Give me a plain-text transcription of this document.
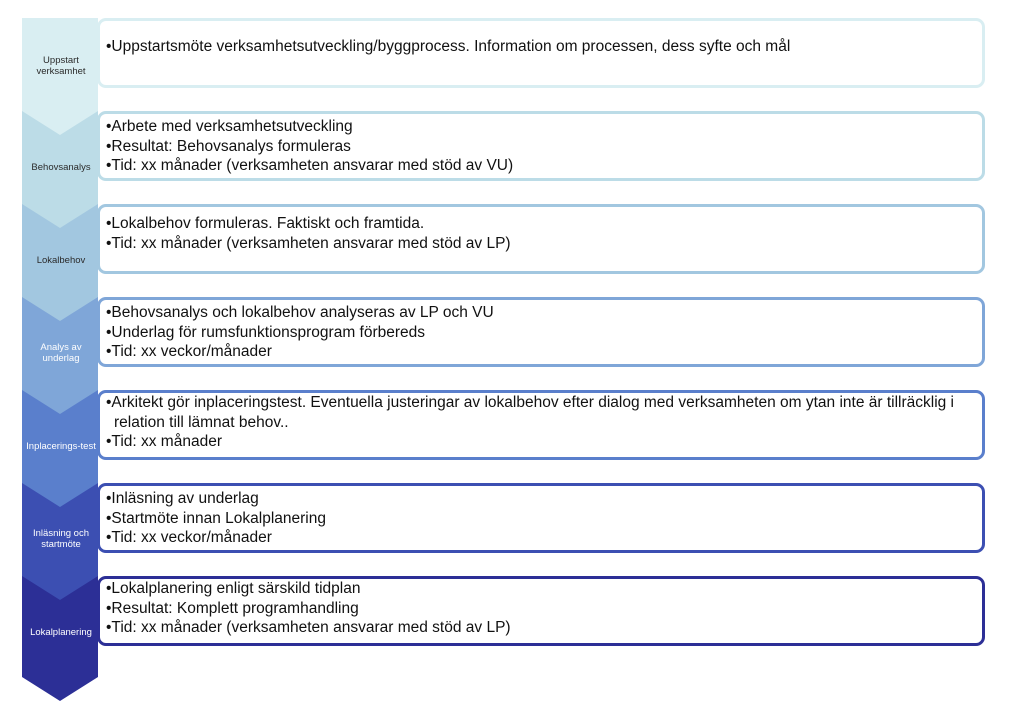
Uppstart verksamhet
•Uppstartsmöte verksamhetsutveckling/byggprocess. Information om processen, dess syfte och mål
Behovsanalys
•Arbete med verksamhetsutveckling
•Resultat: Behovsanalys formuleras
•Tid: xx månader (verksamheten ansvarar med stöd av VU)
Lokalbehov
•Lokalbehov formuleras. Faktiskt och framtida.
•Tid: xx månader (verksamheten ansvarar med stöd av LP)
Analys av underlag
•Behovsanalys och lokalbehov analyseras av LP och VU
•Underlag för rumsfunktionsprogram förbereds
•Tid: xx veckor/månader
Inplacerings-test
•Arkitekt gör inplaceringstest. Eventuella justeringar av lokalbehov efter dialog med verksamheten om ytan inte är tillräcklig i relation till lämnat behov..
•Tid: xx månader
Inläsning och startmöte
•Inläsning av underlag
•Startmöte innan Lokalplanering
•Tid: xx veckor/månader
Lokalplanering
•Lokalplanering enligt särskild tidplan
•Resultat: Komplett programhandling
•Tid: xx månader (verksamheten ansvarar med stöd av LP)
